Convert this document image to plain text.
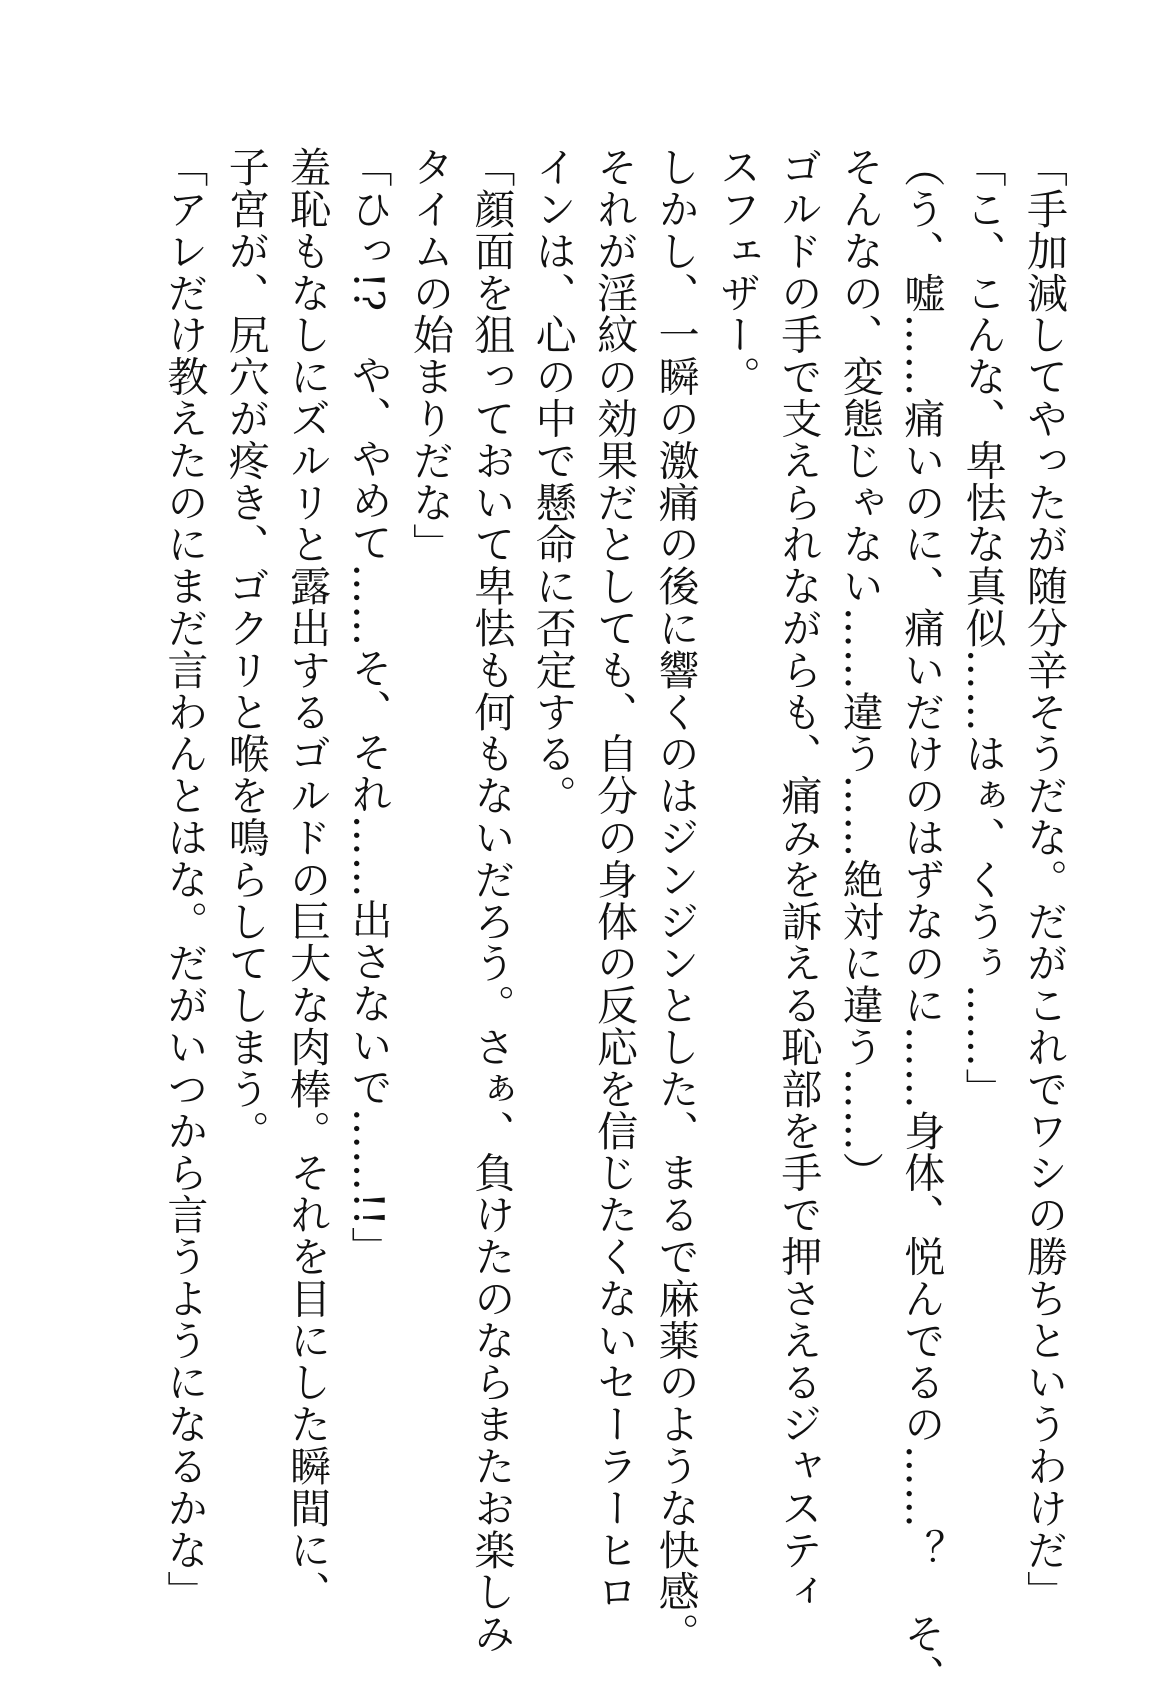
「手加減してやったが随分辛そうだな。だがこれでワシの勝ちというわけだ」
「こ、こんな、卑怯な真似……はぁ、くうぅ……」
（う、嘘……痛いのに、痛いだけのはずなのに……身体、悦んでるの……？　そ、
そんなの、変態じゃない……違う……絶対に違う……）
ゴルドの手で支えられながらも、痛みを訴える恥部を手で押さえるジャスティ
スフェザー。
しかし、一瞬の激痛の後に響くのはジンジンとした、まるで麻薬のような快感。
それが淫紋の効果だとしても、自分の身体の反応を信じたくないセーラーヒロ
インは、心の中で懸命に否定する。
「顔面を狙っておいて卑怯も何もないだろう。さぁ、負けたのならまたお楽しみ
タイムの始まりだな」
「ひっ!?　や、やめて……そ、それ……出さないで……!!」
羞恥もなしにズルリと露出するゴルドの巨大な肉棒。それを目にした瞬間に、
子宮が、尻穴が疼き、ゴクリと喉を鳴らしてしまう。
「アレだけ教えたのにまだ言わんとはな。だがいつから言うようになるかな」
